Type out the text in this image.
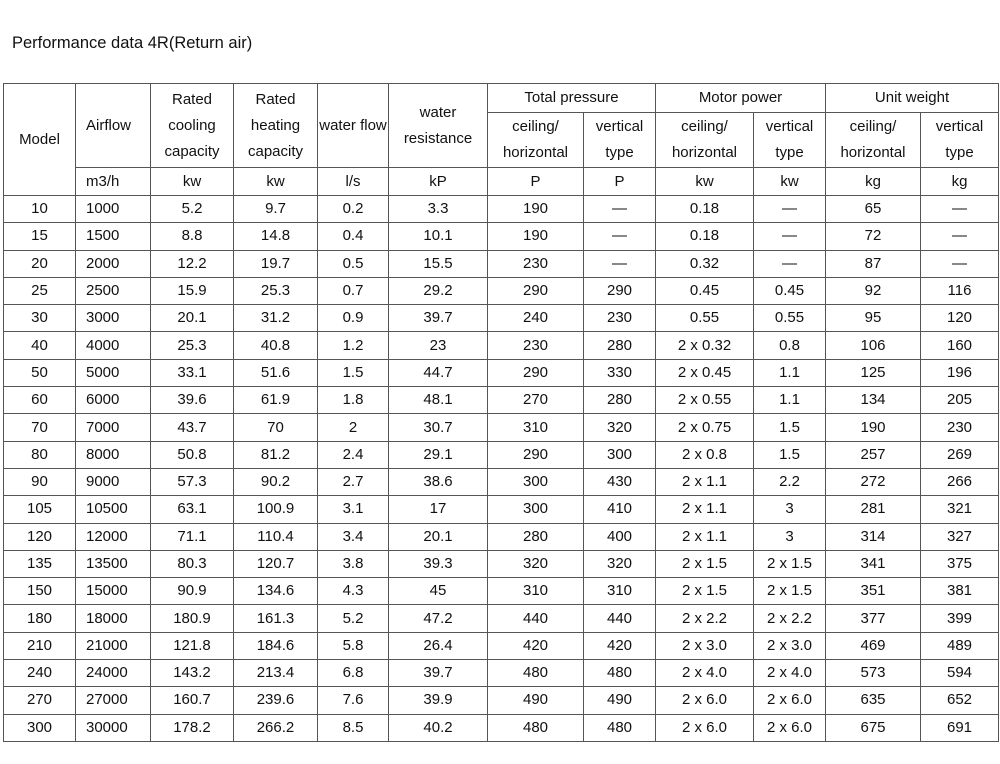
Performance data 4R(Return air)
Model	Airflow	Rated cooling capacity	Rated heating capacity	water flow	water resistance	Total pressure		Motor power		Unit weight	
						ceiling/ horizontal	vertical type	ceiling/ horizontal	vertical type	ceiling/ horizontal	vertical type
	m3/h	kw	kw	l/s	kP	P	P	kw	kw	kg	kg
10	1000	5.2	9.7	0.2	3.3	190	—	0.18	—	65	—
15	1500	8.8	14.8	0.4	10.1	190	—	0.18	—	72	—
20	2000	12.2	19.7	0.5	15.5	230	—	0.32	—	87	—
25	2500	15.9	25.3	0.7	29.2	290	290	0.45	0.45	92	116
30	3000	20.1	31.2	0.9	39.7	240	230	0.55	0.55	95	120
40	4000	25.3	40.8	1.2	23	230	280	2 x 0.32	0.8	106	160
50	5000	33.1	51.6	1.5	44.7	290	330	2 x 0.45	1.1	125	196
60	6000	39.6	61.9	1.8	48.1	270	280	2 x 0.55	1.1	134	205
70	7000	43.7	70	2	30.7	310	320	2 x 0.75	1.5	190	230
80	8000	50.8	81.2	2.4	29.1	290	300	2 x 0.8	1.5	257	269
90	9000	57.3	90.2	2.7	38.6	300	430	2 x 1.1	2.2	272	266
105	10500	63.1	100.9	3.1	17	300	410	2 x 1.1	3	281	321
120	12000	71.1	110.4	3.4	20.1	280	400	2 x 1.1	3	314	327
135	13500	80.3	120.7	3.8	39.3	320	320	2 x 1.5	2 x 1.5	341	375
150	15000	90.9	134.6	4.3	45	310	310	2 x 1.5	2 x 1.5	351	381
180	18000	180.9	161.3	5.2	47.2	440	440	2 x 2.2	2 x 2.2	377	399
210	21000	121.8	184.6	5.8	26.4	420	420	2 x 3.0	2 x 3.0	469	489
240	24000	143.2	213.4	6.8	39.7	480	480	2 x 4.0	2 x 4.0	573	594
270	27000	160.7	239.6	7.6	39.9	490	490	2 x 6.0	2 x 6.0	635	652
300	30000	178.2	266.2	8.5	40.2	480	480	2 x 6.0	2 x 6.0	675	691
